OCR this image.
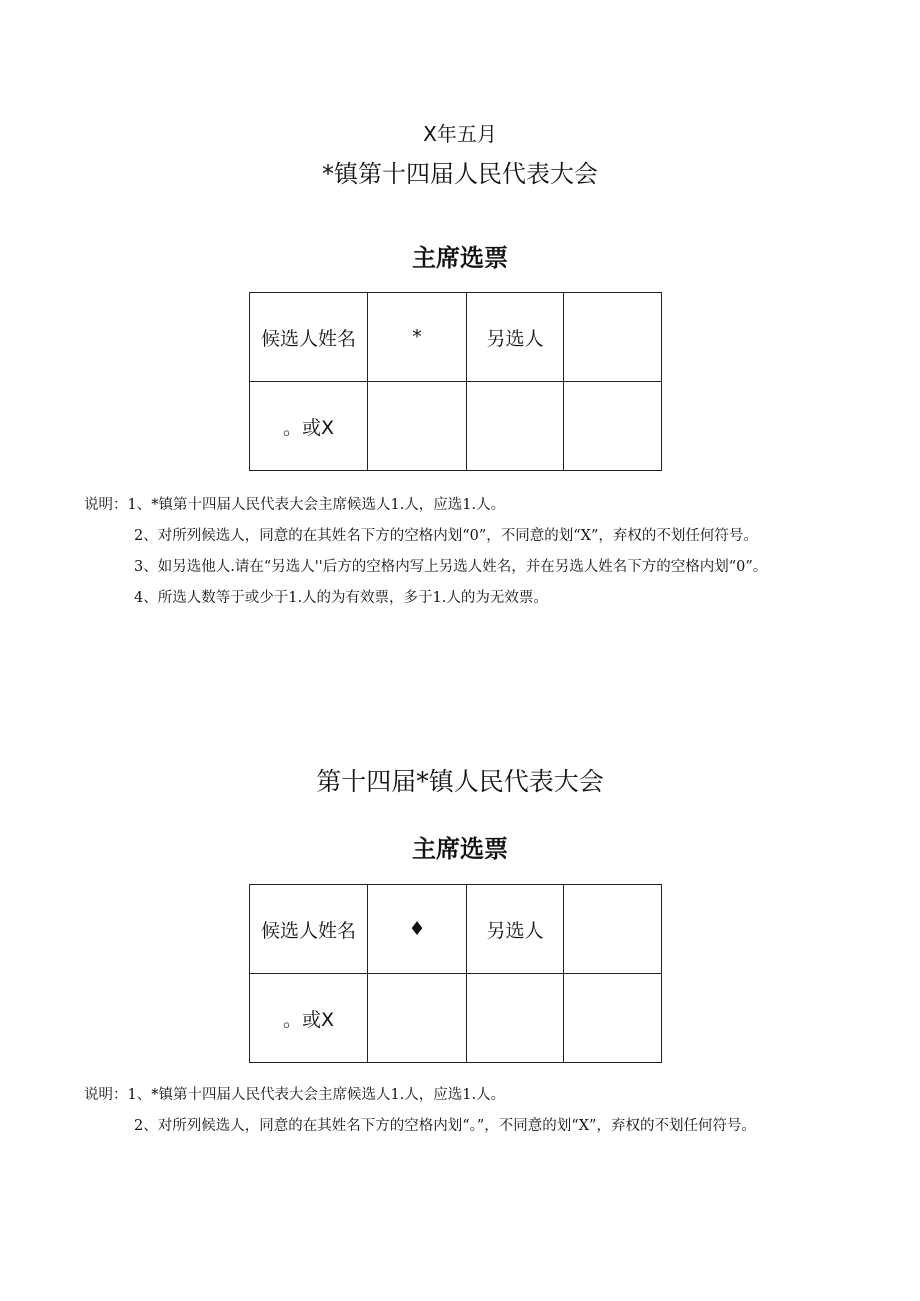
X年五月
*镇第十四届人民代表大会
主席选票
候选人姓名	*	另选人	
。或X			

说明：1、*镇第十四届人民代表大会主席候选人1.人，应选1.人。

2、对所列候选人，同意的在其姓名下方的空格内划“0”，不同意的划“X”，弃权的不划任何符号。

3、如另选他人.请在“另选人''后方的空格内写上另选人姓名，并在另选人姓名下方的空格内划“0”。

4、所选人数等于或少于1.人的为有效票，多于1.人的为无效票。

第十四届*镇人民代表大会
主席选票
候选人姓名	♦	另选人	
。或X			

说明：1、*镇第十四届人民代表大会主席候选人1.人，应选1.人。

2、对所列候选人，同意的在其姓名下方的空格内划“。”，不同意的划“X”，弃权的不划任何符号。
